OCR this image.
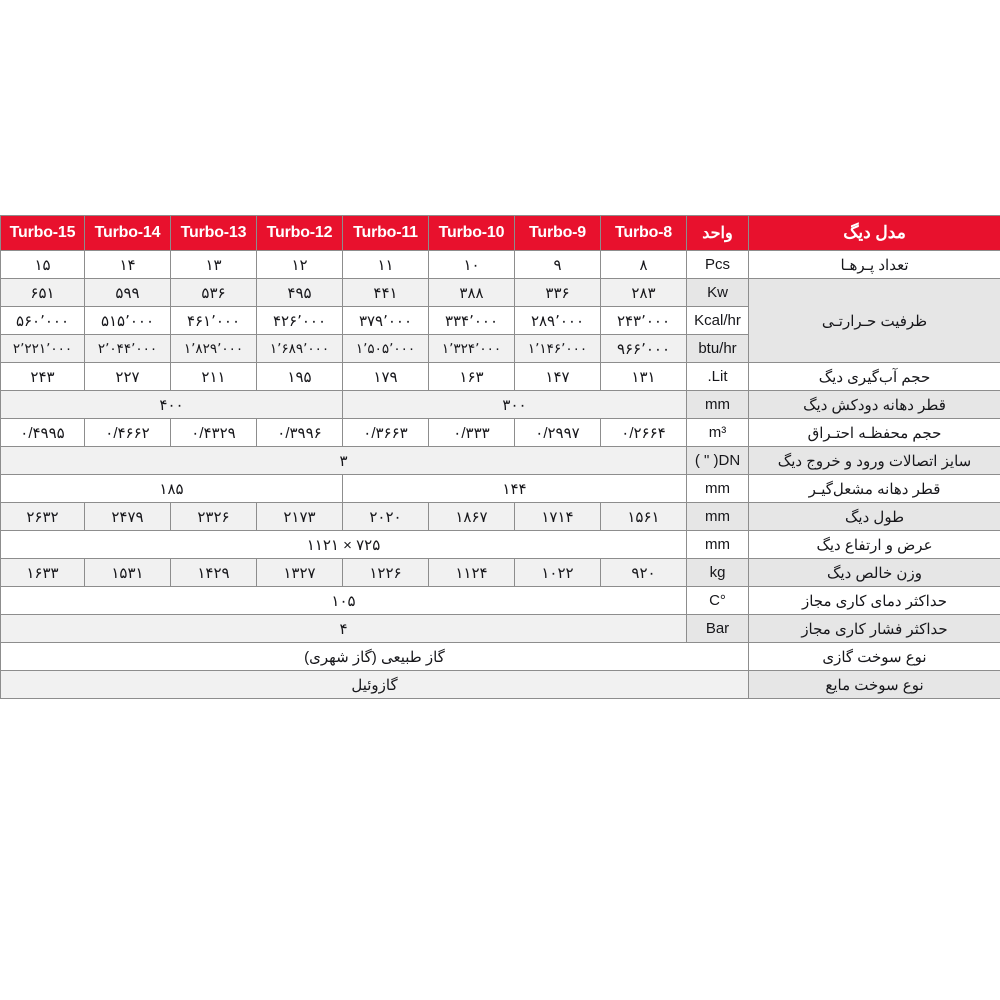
مدل دیگ	واحد	Turbo-8	Turbo-9	Turbo-10	Turbo-11	Turbo-12	Turbo-13	Turbo-14	Turbo-15
تعداد پـرهـا	Pcs	۸	۹	۱۰	۱۱	۱۲	۱۳	۱۴	۱۵
ظرفیت حـرارتـی	Kw	۲۸۳	۳۳۶	۳۸۸	۴۴۱	۴۹۵	۵۳۶	۵۹۹	۶۵۱
	Kcal/hr	۲۴۳٬۰۰۰	۲۸۹٬۰۰۰	۳۳۴٬۰۰۰	۳۷۹٬۰۰۰	۴۲۶٬۰۰۰	۴۶۱٬۰۰۰	۵۱۵٬۰۰۰	۵۶۰٬۰۰۰
	btu/hr	۹۶۶٬۰۰۰	۱٬۱۴۶٬۰۰۰	۱٬۳۲۴٬۰۰۰	۱٬۵۰۵٬۰۰۰	۱٬۶۸۹٬۰۰۰	۱٬۸۲۹٬۰۰۰	۲٬۰۴۴٬۰۰۰	۲٬۲۲۱٬۰۰۰
حجم آب‌گیری دیگ	Lit.	۱۳۱	۱۴۷	۱۶۳	۱۷۹	۱۹۵	۲۱۱	۲۲۷	۲۴۳
قطر دهانه دودکش دیگ	mm	۳۰۰				۴۰۰			
حجم محفظـه احتـراق	m³	۰/۲۶۶۴	۰/۲۹۹۷	۰/۳۳۳	۰/۳۶۶۳	۰/۳۹۹۶	۰/۴۳۲۹	۰/۴۶۶۲	۰/۴۹۹۵
سایز اتصالات ورود و خروج دیگ	DN( " )	۳							
قطر دهانه مشعل‌گیـر	mm	۱۴۴				۱۸۵			
طول دیگ	mm	۱۵۶۱	۱۷۱۴	۱۸۶۷	۲۰۲۰	۲۱۷۳	۲۳۲۶	۲۴۷۹	۲۶۳۲
عرض و ارتفاع دیگ	mm	۷۲۵ × ۱۱۲۱							
وزن خالص دیگ	kg	۹۲۰	۱۰۲۲	۱۱۲۴	۱۲۲۶	۱۳۲۷	۱۴۲۹	۱۵۳۱	۱۶۳۳
حداکثر دمای کاری مجاز	°C	۱۰۵							
حداکثر فشار کاری مجاز	Bar	۴							
نوع سوخت گازی	گاز طبیعی (گاز شهری)								
نوع سوخت مایع	گازوئیل								
